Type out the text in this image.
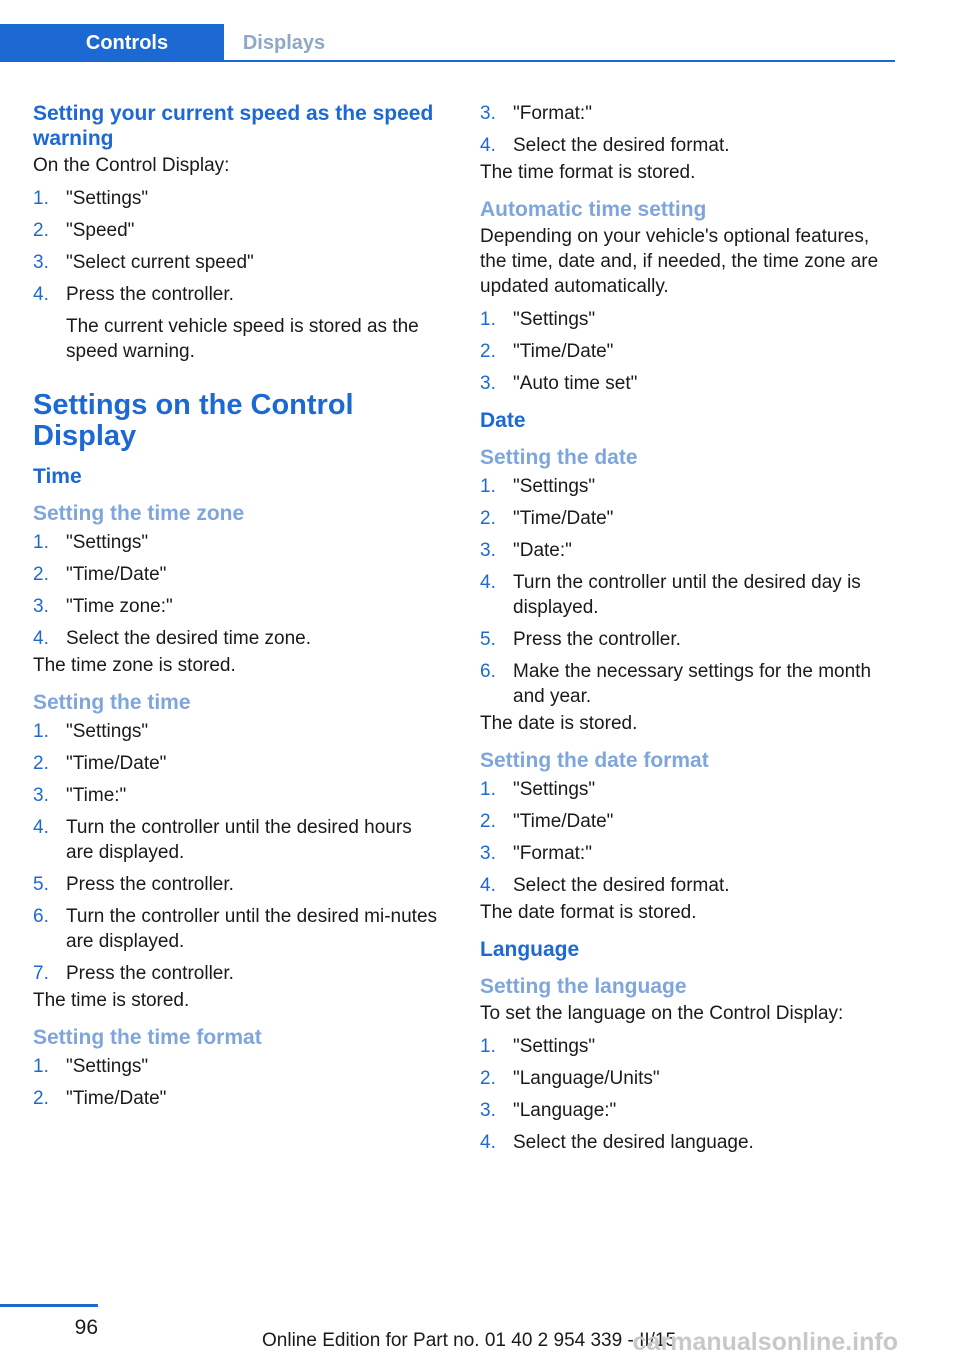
Controls	Displays
Setting your current speed as the speed warning

On the Control Display:

1. "Settings"
2. "Speed"
3. "Select current speed"
4. Press the controller.
The current vehicle speed is stored as the speed warning.
Settings on the Control Display
Time
Setting the time zone
1. "Settings"
2. "Time/Date"
3. "Time zone:"
4. Select the desired time zone.

The time zone is stored.

Setting the time
1. "Settings"
2. "Time/Date"
3. "Time:"
4. Turn the controller until the desired hours are displayed.
5. Press the controller.
6. Turn the controller until the desired mi‐nutes are displayed.
7. Press the controller.

The time is stored.

Setting the time format
1. "Settings"
2. "Time/Date"
3. "Format:"
4. Select the desired format.

The time format is stored.

Automatic time setting

Depending on your vehicle's optional features, the time, date and, if needed, the time zone are updated automatically.

1. "Settings"
2. "Time/Date"
3. "Auto time set"
Date
Setting the date
1. "Settings"
2. "Time/Date"
3. "Date:"
4. Turn the controller until the desired day is displayed.
5. Press the controller.
6. Make the necessary settings for the month and year.

The date is stored.

Setting the date format
1. "Settings"
2. "Time/Date"
3. "Format:"
4. Select the desired format.

The date format is stored.

Language
Setting the language

To set the language on the Control Display:

1. "Settings"
2. "Language/Units"
3. "Language:"
4. Select the desired language.
96
Online Edition for Part no. 01 40 2 954 339 - II/15
carmanualsonline.info
